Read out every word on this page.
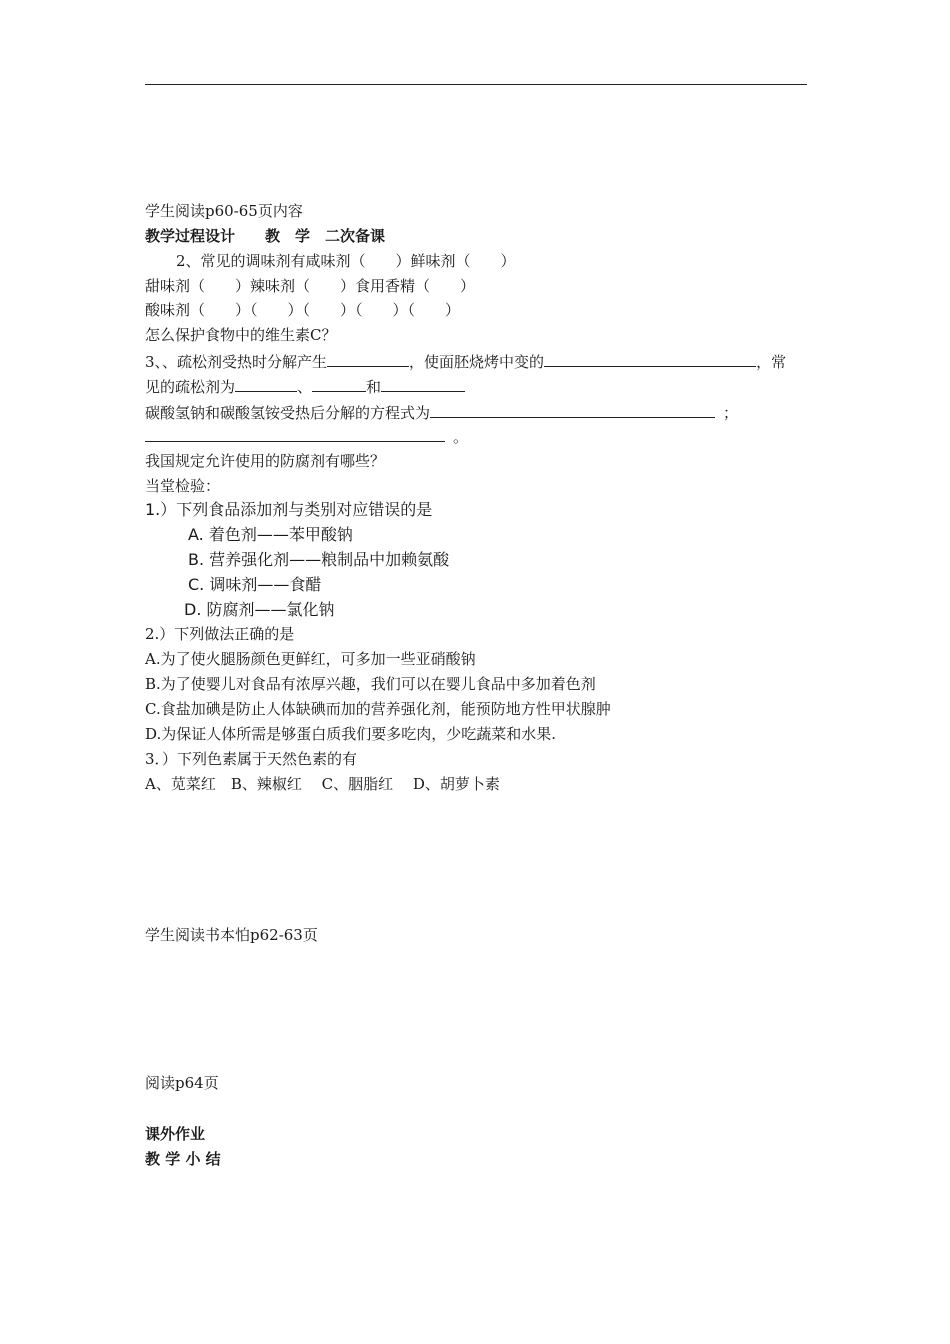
学生阅读p60-65页内容
教学过程设计　　教　学　二次备课
2、常见的调味剂有咸味剂（　　）鲜味剂（　　）
甜味剂（　　）辣味剂（　　）食用香精（　　）
酸味剂（　　）（　　）（　　）（　　）（　　）
怎么保护食物中的维生素C？
3、、疏松剂受热时分解产生	，使面胚烧烤中变的	，常
见的疏松剂为	、	和
碳酸氢钠和碳酸氢铵受热后分解的方程式为	；
。
我国规定允许使用的防腐剂有哪些？
当堂检验：
1.）下列食品添加剂与类别对应错误的是
A. 着色剂——苯甲酸钠
B. 营养强化剂——粮制品中加赖氨酸
C. 调味剂——食醋
D. 防腐剂——氯化钠
2.）下列做法正确的是
A.为了使火腿肠颜色更鲜红，可多加一些亚硝酸钠
B.为了使婴儿对食品有浓厚兴趣，我们可以在婴儿食品中多加着色剂
C.食盐加碘是防止人体缺碘而加的营养强化剂，能预防地方性甲状腺肿
D.为保证人体所需是够蛋白质我们要多吃肉，少吃蔬菜和水果.
3．）下列色素属于天然色素的有
A、苋菜红　B、辣椒红　 C、胭脂红　 D、胡萝卜素
学生阅读书本怕p62-63页
阅读p64页
课外作业
教 学 小 结
